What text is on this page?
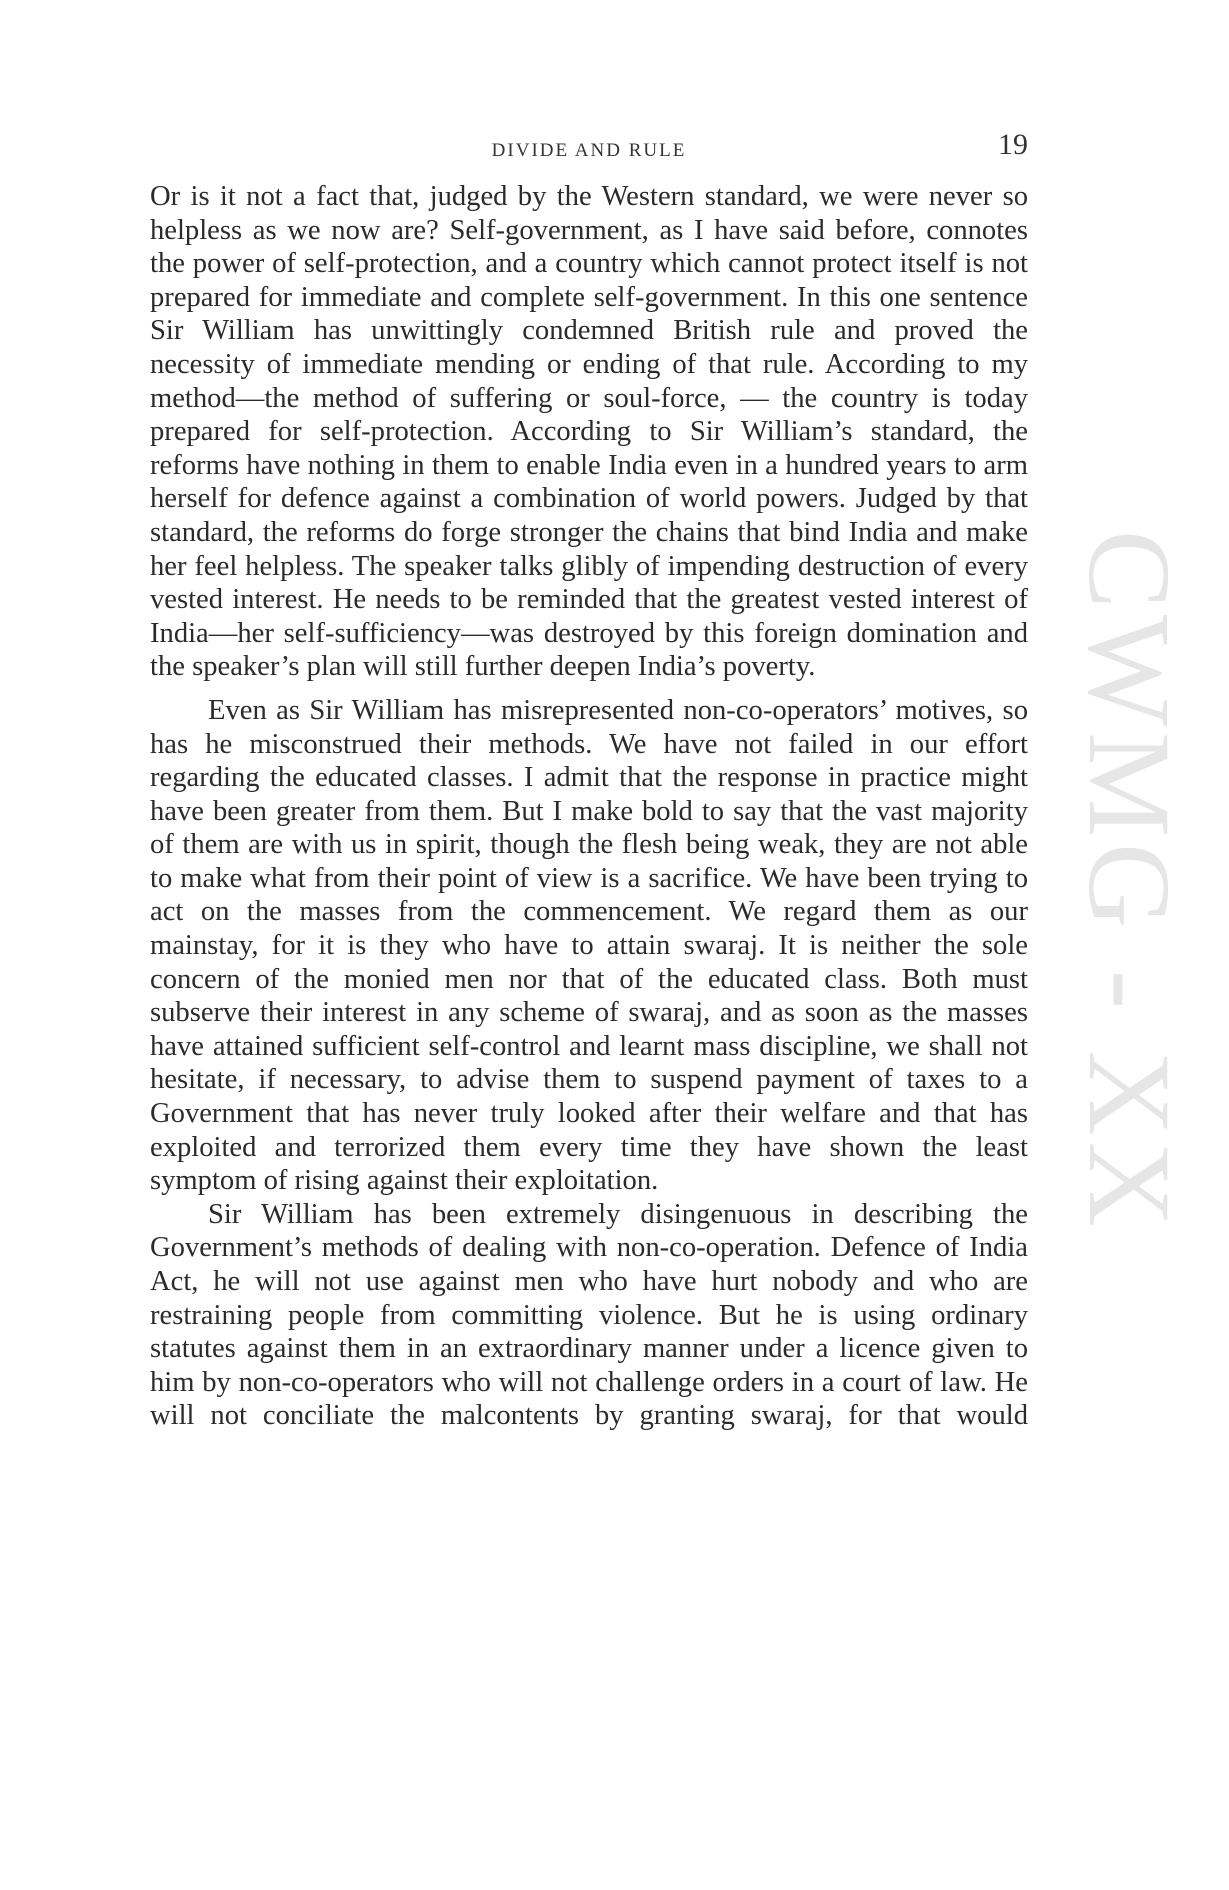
CWMG - XX
DIVIDE AND RULE	19

Or is it not a fact that, judged by the Western standard, we were never so helpless as we now are? Self-government, as I have said before, connotes the power of self-protection, and a country which cannot protect itself is not prepared for immediate and complete self-government. In this one sentence Sir William has unwittingly condemned British rule and proved the necessity of immediate mending or ending of that rule. According to my method—the method of suffering or soul-force, — the country is today prepared for self-protection. According to Sir William’s standard, the reforms have nothing in them to enable India even in a hundred years to arm herself for defence against a combination of world powers. Judged by that standard, the reforms do forge stronger the chains that bind India and make her feel helpless. The speaker talks glibly of impending destruction of every vested interest. He needs to be reminded that the greatest vested interest of India—her self-sufficiency—was destroyed by this foreign domination and the speaker’s plan will still further deepen India’s poverty.

Even as Sir William has misrepresented non-co-operators’ motives, so has he misconstrued their methods. We have not failed in our effort regarding the educated classes. I admit that the response in practice might have been greater from them. But I make bold to say that the vast majority of them are with us in spirit, though the flesh being weak, they are not able to make what from their point of view is a sacrifice. We have been trying to act on the masses from the commencement. We regard them as our mainstay, for it is they who have to attain swaraj. It is neither the sole concern of the monied men nor that of the educated class. Both must subserve their interest in any scheme of swaraj, and as soon as the masses have attained sufficient self-control and learnt mass discipline, we shall not hesitate, if necessary, to advise them to suspend payment of taxes to a Government that has never truly looked after their welfare and that has exploited and terrorized them every time they have shown the least symptom of rising against their exploitation.

Sir William has been extremely disingenuous in describing the Government’s methods of dealing with non-co-operation. Defence of India Act, he will not use against men who have hurt nobody and who are restraining people from committing violence. But he is using ordinary statutes against them in an extraordinary manner under a licence given to him by non-co-operators who will not challenge orders in a court of law. He will not conciliate the malcontents by granting swaraj, for that would
